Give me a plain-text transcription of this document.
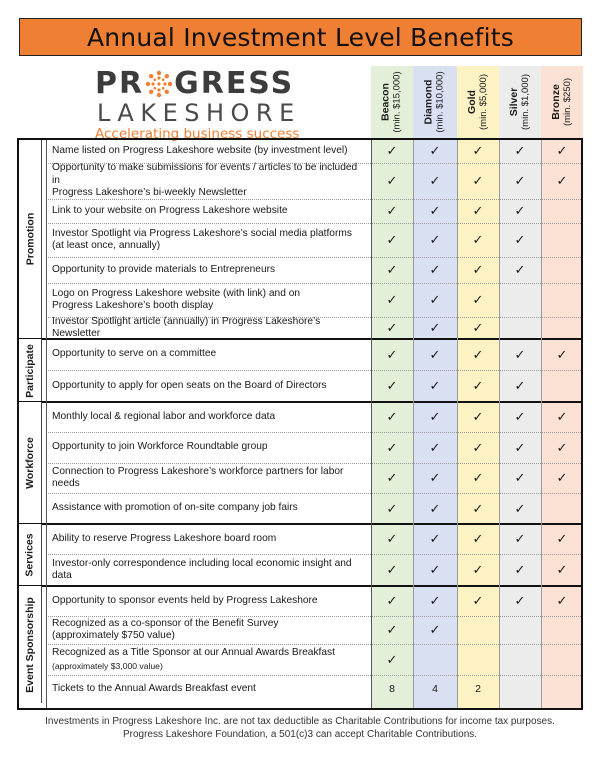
Annual Investment Level Benefits
PR GRESS
LAKESHORE
Accelerating business success
Beacon (min. $15,000) Diamond (min. $10,000) Gold (min. $5,000) Silver (min. $1,000) Bronze (min. $250)
Promotion
Name listed on Progress Lakeshore website (by investment level)	✓	✓	✓	✓	✓
Opportunity to make submissions for events / articles to be included in
Progress Lakeshore’s bi-weekly Newsletter
✓	✓	✓	✓	✓
Link to your website on Progress Lakeshore website	✓	✓	✓	✓
Investor Spotlight via Progress Lakeshore’s social media platforms
(at least once, annually)	✓	✓	✓	✓
Opportunity to provide materials to Entrepreneurs	✓	✓	✓	✓
Logo on Progress Lakeshore website (with link) and on
Progress Lakeshore’s booth display	✓	✓	✓
Investor Spotlight article (annually) in Progress Lakeshore’s Newsletter	✓	✓	✓
Participate Opportunity to serve on a committee	✓	✓	✓	✓	✓
Opportunity to apply for open seats on the Board of Directors	✓	✓	✓	✓
Workforce
Monthly local & regional labor and workforce data	✓	✓	✓	✓	✓
Opportunity to join Workforce Roundtable group	✓	✓	✓	✓	✓
Connection to Progress Lakeshore’s workforce partners for labor needs	✓	✓	✓	✓	✓
Assistance with promotion of on-site company job fairs	✓	✓	✓	✓
Services Ability to reserve Progress Lakeshore board room	✓	✓	✓	✓	✓
Investor-only correspondence including local economic insight and data	✓	✓	✓	✓	✓
Event Sponsorship Opportunity to sponsor events held by Progress Lakeshore	✓	✓	✓	✓	✓
Recognized as a co-sponsor of the Benefit Survey
(approximately $750 value)	✓	✓
Recognized as a Title Sponsor at our Annual Awards Breakfast
(approximately $3,000 value)	✓
Tickets to the Annual Awards Breakfast event	8	4	2
Investments in Progress Lakeshore Inc. are not tax deductible as Charitable Contributions for income tax purposes.
Progress Lakeshore Foundation, a 501(c)3 can accept Charitable Contributions.
